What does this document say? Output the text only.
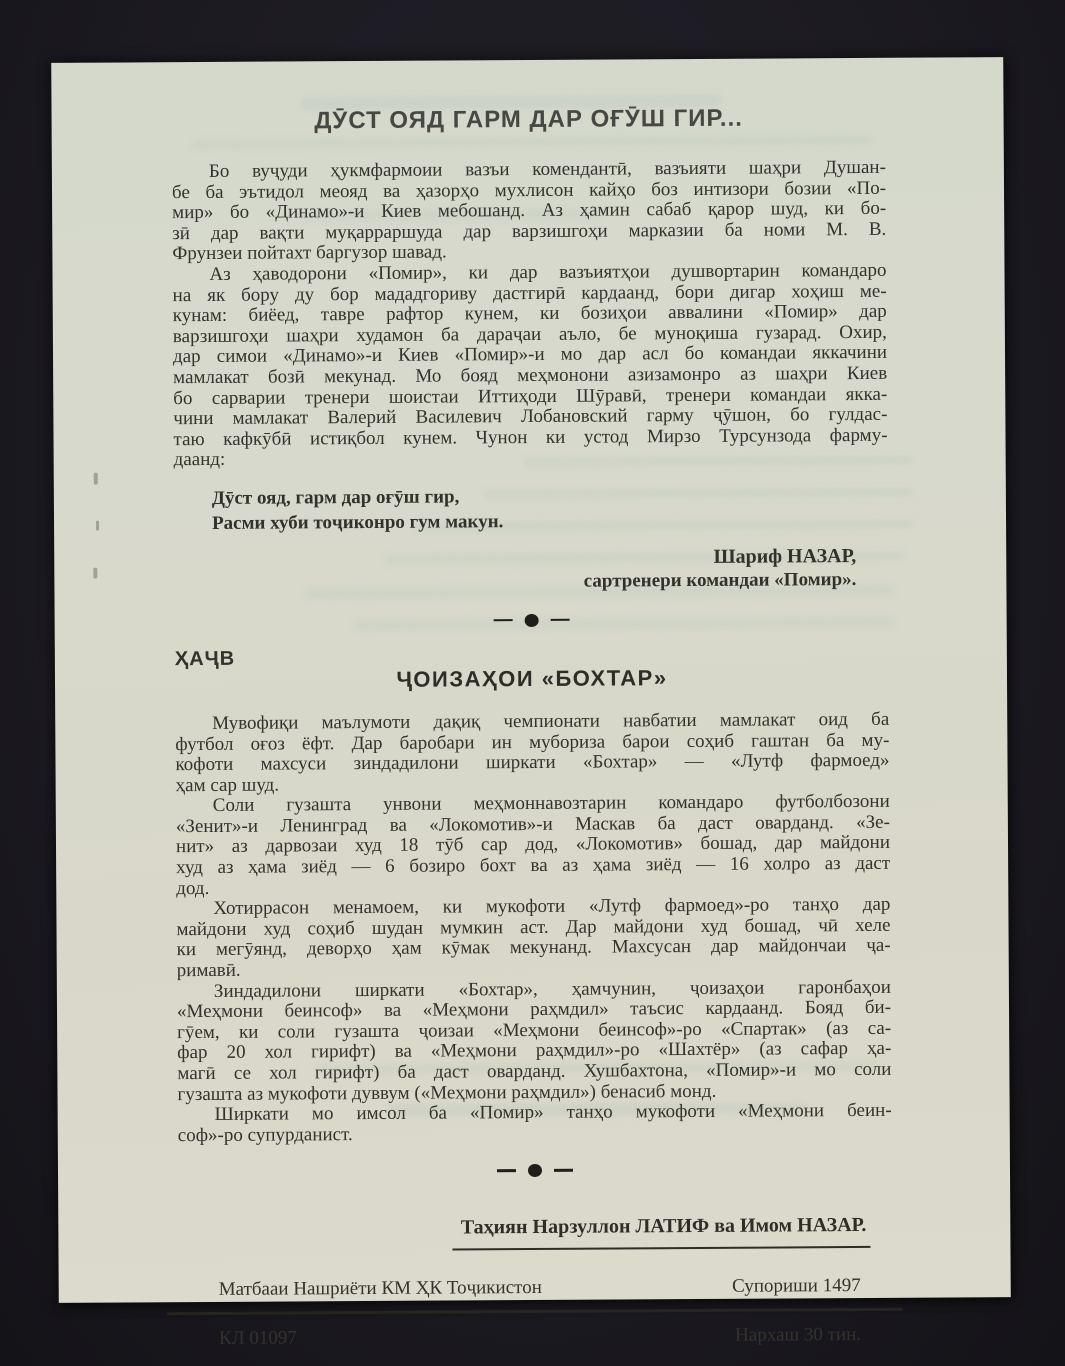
ДӮСТ ОЯД ГАРМ ДАР ОҒӮШ ГИР...

Бо вуҷуди ҳукмфармоии вазъи комендантӣ, вазъияти шаҳри Душан-
бе ба эътидол меояд ва ҳазорҳо мухлисон кайҳо боз интизори бозии «По-
мир» бо «Динамо»-и Киев мебошанд. Аз ҳамин сабаб қарор шуд, ки бо-
зӣ дар вақти муқарраршуда дар варзишгоҳи марказии ба номи М. В.
Фрунзеи пойтахт баргузор шавад.

Аз ҳаводорони «Помир», ки дар вазъиятҳои душвортарин командаро
на як бору ду бор мададгориву дастгирӣ кардаанд, бори дигар хоҳиш ме-
кунам: биёед, тавре рафтор кунем, ки бозиҳои аввалини «Помир» дар
варзишгоҳи шаҳри худамон ба дараҷаи аъло, бе муноқиша гузарад. Охир,
дар симои «Динамо»-и Киев «Помир»-и мо дар асл бо командаи яккачини
мамлакат бозӣ мекунад. Мо бояд меҳмонони азизамонро аз шаҳри Киев
бо сарварии тренери шоистаи Иттиҳоди Шӯравӣ, тренери командаи якка-
чини мамлакат Валерий Василевич Лобановский гарму ҷӯшон, бо гулдас-
таю кафкӯбӣ истиқбол кунем. Чунон ки устод Мирзо Турсунзода фарму-
даанд:

Дӯст ояд, гарм дар оғӯш гир,
Расми хуби тоҷиконро гум макун.
Шариф НАЗАР,
сартренери командаи «Помир».
ҲАҶВ
ҶОИЗАҲОИ «БОХТАР»

Мувофиқи маълумоти дақиқ чемпионати навбатии мамлакат оид ба
футбол оғоз ёфт. Дар баробари ин мубориза барои соҳиб гаштан ба му-
кофоти махсуси зиндадилони ширкати «Бохтар» — «Лутф фармоед»
ҳам сар шуд.

Соли гузашта унвони меҳмоннавозтарин командаро футболбозони
«Зенит»-и Ленинград ва «Локомотив»-и Маскав ба даст оварданд. «Зе-
нит» аз дарвозаи худ 18 тӯб сар дод, «Локомотив» бошад, дар майдони
худ аз ҳама зиёд — 6 бозиро бохт ва аз ҳама зиёд — 16 холро аз даст
дод.

Хотиррасон менамоем, ки мукофоти «Лутф фармоед»-ро танҳо дар
майдони худ соҳиб шудан мумкин аст. Дар майдони худ бошад, чӣ хеле
ки мегӯянд, деворҳо ҳам кӯмак мекунанд. Махсусан дар майдончаи ҷа-
римавӣ.

Зиндадилони ширкати «Бохтар», ҳамчунин, ҷоизаҳои гаронбаҳои
«Меҳмони беинсоф» ва «Меҳмони раҳмдил» таъсис кардаанд. Бояд би-
гӯем, ки соли гузашта ҷоизаи «Меҳмони беинсоф»-ро «Спартак» (аз са-
фар 20 хол гирифт) ва «Меҳмони раҳмдил»-ро «Шахтёр» (аз сафар ҳа-
магӣ се хол гирифт) ба даст оварданд. Хушбахтона, «Помир»-и мо соли
гузашта аз мукофоти дуввум («Меҳмони раҳмдил») бенасиб монд.

Ширкати мо имсол ба «Помир» танҳо мукофоти «Меҳмони беин-
соф»-ро супурданист.

Таҳиян Нарзуллон ЛАТИФ ва Имом НАЗАР.
Матбааи Нашриёти КМ ҲК Тоҷикистон	Супориши 1497
КЛ 01097	Нархаш 30 тин.
